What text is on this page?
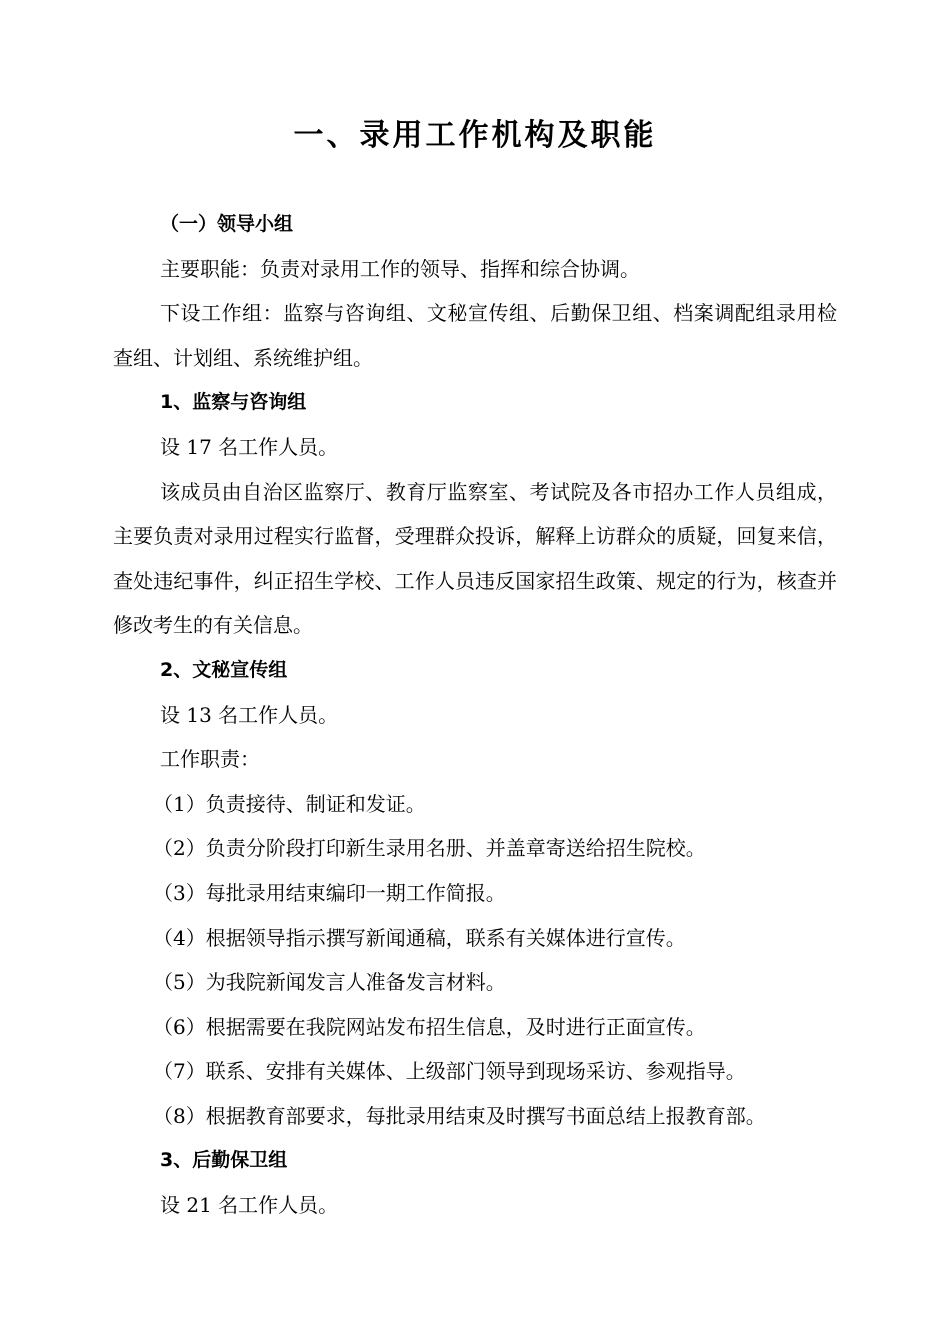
一、录用工作机构及职能

（一）领导小组

主要职能：负责对录用工作的领导、指挥和综合协调。

下设工作组：监察与咨询组、文秘宣传组、后勤保卫组、档案调配组录用检查组、计划组、系统维护组。

1、监察与咨询组

设 17 名工作人员。

该成员由自治区监察厅、教育厅监察室、考试院及各市招办工作人员组成，主要负责对录用过程实行监督，受理群众投诉，解释上访群众的质疑，回复来信，查处违纪事件，纠正招生学校、工作人员违反国家招生政策、规定的行为，核查并修改考生的有关信息。

2、文秘宣传组

设 13 名工作人员。

工作职责：

（1）负责接待、制证和发证。

（2）负责分阶段打印新生录用名册、并盖章寄送给招生院校。

（3）每批录用结束编印一期工作简报。

（4）根据领导指示撰写新闻通稿，联系有关媒体进行宣传。

（5）为我院新闻发言人准备发言材料。

（6）根据需要在我院网站发布招生信息，及时进行正面宣传。

（7）联系、安排有关媒体、上级部门领导到现场采访、参观指导。

（8）根据教育部要求，每批录用结束及时撰写书面总结上报教育部。

3、后勤保卫组

设 21 名工作人员。
